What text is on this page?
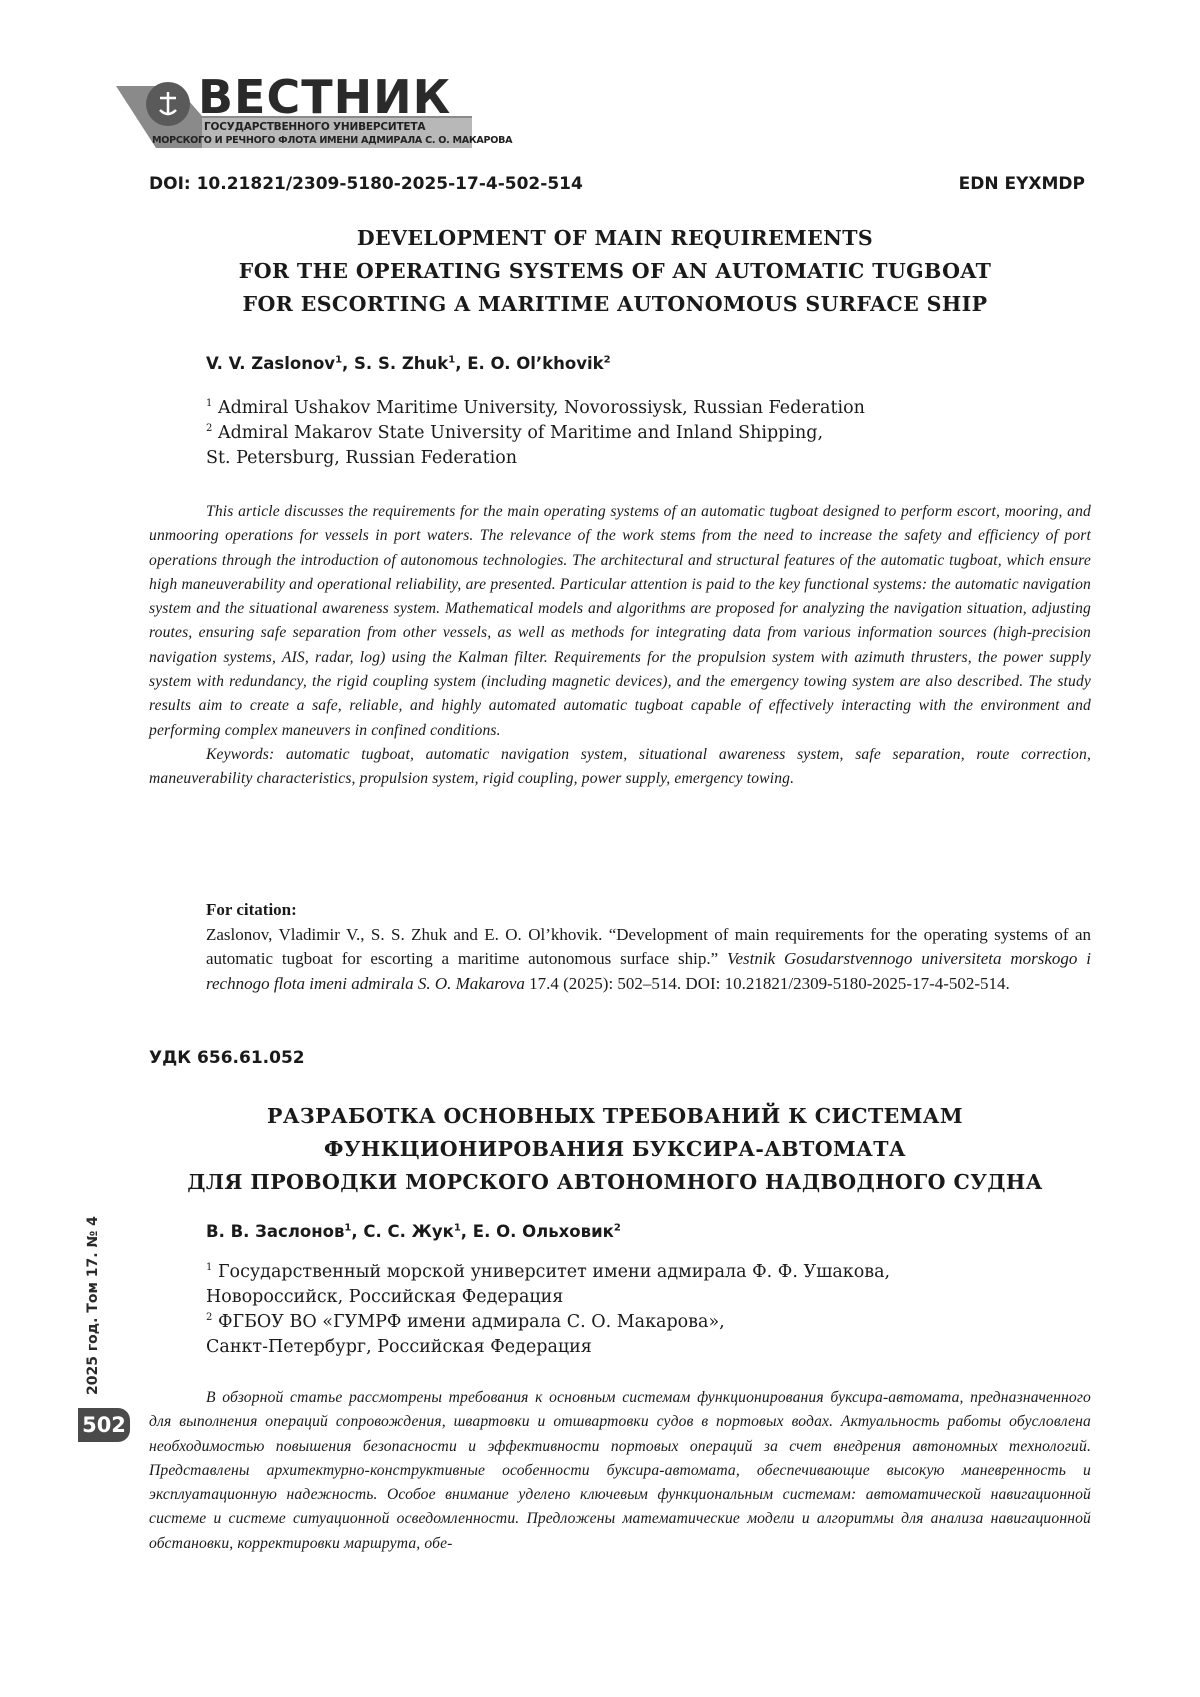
ВЕСТНИК
ГОСУДАРСТВЕННОГО УНИВЕРСИТЕТА
МОРСКОГО И РЕЧНОГО ФЛОТА ИМЕНИ АДМИРАЛА С. О. МАКАРОВА
DOI: 10.21821/2309-5180-2025-17-4-502-514	EDN EYXMDP
DEVELOPMENT OF MAIN REQUIREMENTS
FOR THE OPERATING SYSTEMS OF AN AUTOMATIC TUGBOAT
FOR ESCORTING A MARITIME AUTONOMOUS SURFACE SHIP
V. V. Zaslonov1, S. S. Zhuk1, E. O. Ol’khovik2
1 Admiral Ushakov Maritime University, Novorossiysk, Russian Federation
2 Admiral Makarov State University of Maritime and Inland Shipping,
St. Petersburg, Russian Federation

This article discusses the requirements for the main operating systems of an automatic tugboat designed to perform escort, mooring, and unmooring operations for vessels in port waters. The relevance of the work stems from the need to increase the safety and efficiency of port operations through the introduction of autonomous technologies. The architectural and structural features of the automatic tugboat, which ensure high maneuverability and operational reliability, are presented. Particular attention is paid to the key functional systems: the automatic navigation system and the situational awareness system. Mathematical models and algorithms are proposed for analyzing the navigation situation, adjusting routes, ensuring safe separation from other vessels, as well as methods for integrating data from various information sources (high-precision navigation systems, AIS, radar, log) using the Kalman filter. Requirements for the propulsion system with azimuth thrusters, the power supply system with redundancy, the rigid coupling system (including magnetic devices), and the emergency towing system are also described. The study results aim to create a safe, reliable, and highly automated automatic tugboat capable of effectively interacting with the environment and performing complex maneuvers in confined conditions.

Keywords: automatic tugboat, automatic navigation system, situational awareness system, safe separation, route correction, maneuverability characteristics, propulsion system, rigid coupling, power supply, emergency towing.

For citation:
Zaslonov, Vladimir V., S. S. Zhuk and E. O. Ol’khovik. “Development of main requirements for the operating systems of an automatic tugboat for escorting a maritime autonomous surface ship.” Vestnik Gosudarstvennogo universiteta morskogo i rechnogo flota imeni admirala S. O. Makarova 17.4 (2025): 502–514. DOI: 10.21821/2309-5180-2025-17-4-502-514.
УДК 656.61.052
РАЗРАБОТКА ОСНОВНЫХ ТРЕБОВАНИЙ К СИСТЕМАМ
ФУНКЦИОНИРОВАНИЯ БУКСИРА-АВТОМАТА
ДЛЯ ПРОВОДКИ МОРСКОГО АВТОНОМНОГО НАДВОДНОГО СУДНА
В. В. Заслонов1, С. С. Жук1, Е. О. Ольховик2
1 Государственный морской университет имени адмирала Ф. Ф. Ушакова,
Новороссийск, Российская Федерация
2 ФГБОУ ВО «ГУМРФ имени адмирала С. О. Макарова»,
Санкт-Петербург, Российская Федерация

В обзорной статье рассмотрены требования к основным системам функционирования буксира-автомата, предназначенного для выполнения операций сопровождения, швартовки и отшвартовки судов в портовых водах. Актуальность работы обусловлена необходимостью повышения безопасности и эффективности портовых операций за счет внедрения автономных технологий. Представлены архитектурно-конструктивные особенности буксира-автомата, обеспечивающие высокую маневренность и эксплуатационную надежность. Особое внимание уделено ключевым функциональным системам: автоматической навигационной системе и системе ситуационной осведомленности. Предложены математические модели и алгоритмы для анализа навигационной обстановки, корректировки маршрута, обе-

2025 год. Том 17. № 4
502
